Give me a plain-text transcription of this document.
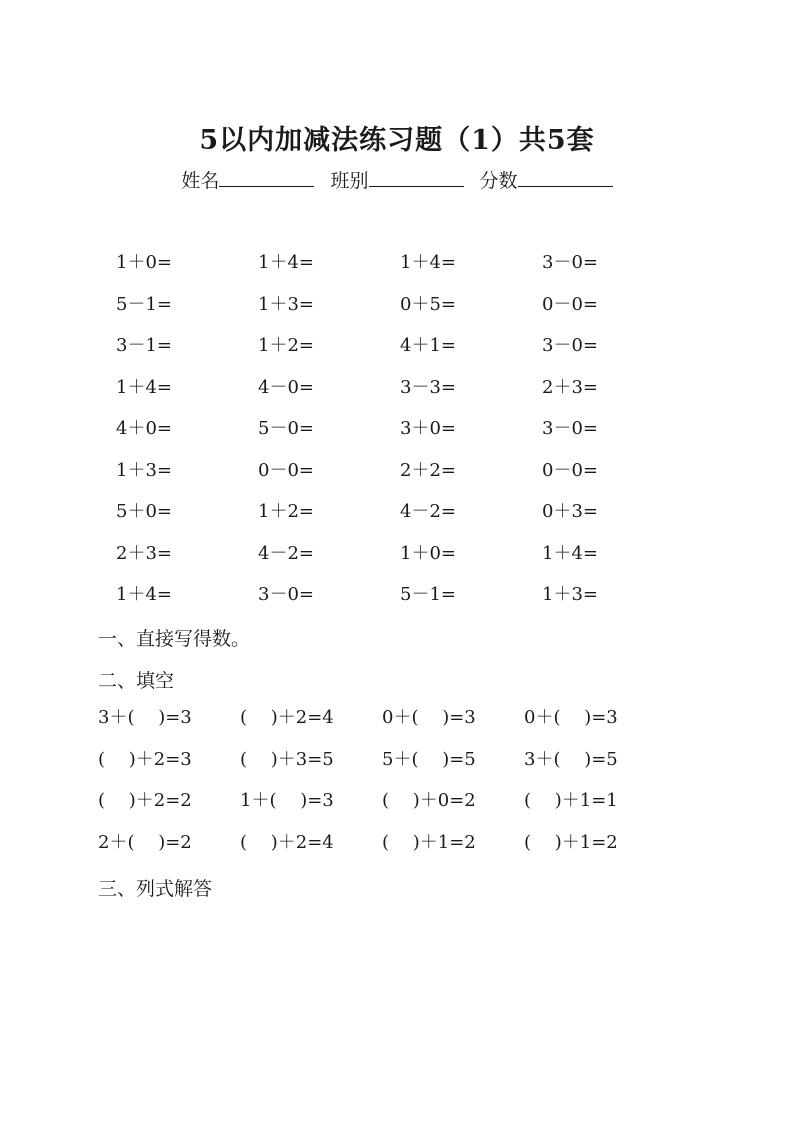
5以内加减法练习题（1）共5套
姓名	班别	分数
1＋0=	1＋4=	1＋4=	3－0=
5－1=	1＋3=	0＋5=	0－0=
3－1=	1＋2=	4＋1=	3－0=
1＋4=	4－0=	3－3=	2＋3=
4＋0=	5－0=	3＋0=	3－0=
1＋3=	0－0=	2＋2=	0－0=
5＋0=	1＋2=	4－2=	0＋3=
2＋3=	4－2=	1＋0=	1＋4=
1＋4=	3－0=	5－1=	1＋3=
一、直接写得数。
二、填空
3＋(　 )=3	(　 )＋2=4	0＋(　 )=3	0＋(　 )=3
(　 )＋2=3	(　 )＋3=5	5＋(　 )=5	3＋(　 )=5
(　 )＋2=2	1＋(　 )=3	(　 )＋0=2	(　 )＋1=1
2＋(　 )=2	(　 )＋2=4	(　 )＋1=2	(　 )＋1=2
三、列式解答
